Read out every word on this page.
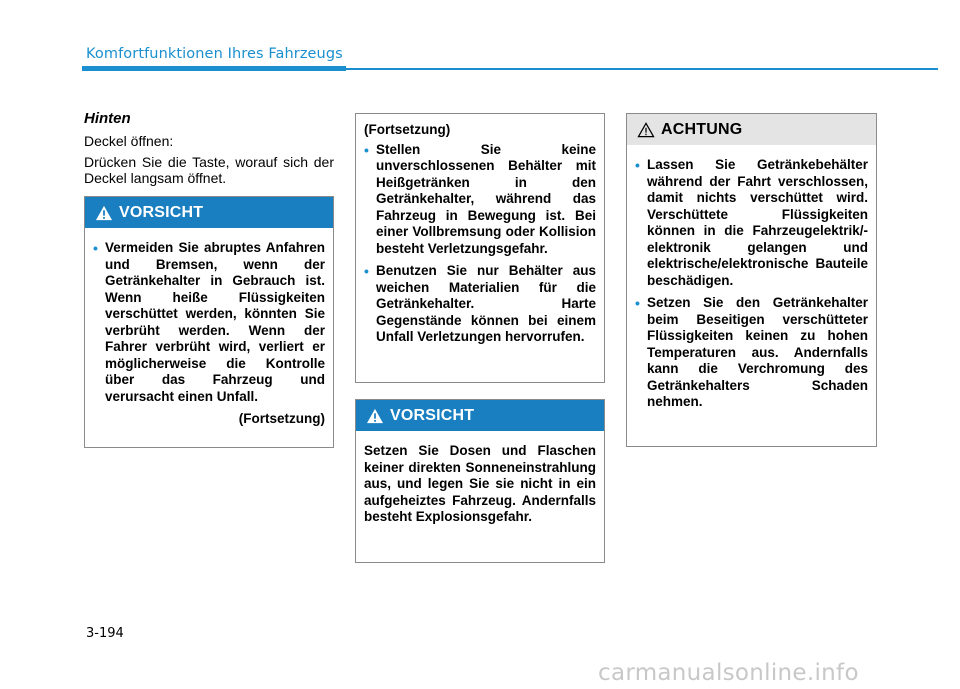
Komfortfunktionen Ihres Fahrzeugs
Hinten
Deckel öffnen:
Drücken Sie die Taste, worauf sich der Deckel langsam öffnet.
VORSICHT
• Vermeiden Sie abruptes Anfahren und Bremsen, wenn der Getränkehalter in Gebrauch ist. Wenn heiße Flüssigkeiten verschüttet werden, könnten Sie verbrüht werden. Wenn der Fahrer verbrüht wird, verliert er möglicherweise die Kontrolle über das Fahrzeug und verursacht einen Unfall.
(Fortsetzung)
(Fortsetzung)
• Stellen Sie keine unverschlossenen Behälter mit Heißgetränken in den Getränkehalter, während das Fahrzeug in Bewegung ist. Bei einer Vollbremsung oder Kollision besteht Verletzungsgefahr.
• Benutzen Sie nur Behälter aus weichen Materialien für die Getränkehalter. Harte Gegenstände können bei einem Unfall Verletzungen hervorrufen.
VORSICHT
Setzen Sie Dosen und Flaschen keiner direkten Sonneneinstrahlung aus, und legen Sie sie nicht in ein aufgeheiztes Fahrzeug. Andernfalls besteht Explosionsgefahr.
ACHTUNG
• Lassen Sie Getränkebehälter während der Fahrt verschlossen, damit nichts verschüttet wird. Verschüttete Flüssigkeiten können in die Fahrzeugelektrik/-elektronik gelangen und elektrische/elektronische Bauteile beschädigen.
• Setzen Sie den Getränkehalter beim Beseitigen verschütteter Flüssigkeiten keinen zu hohen Temperaturen aus. Andernfalls kann die Verchromung des Getränkehalters Schaden nehmen.
3-194
carmanualsonline.info
